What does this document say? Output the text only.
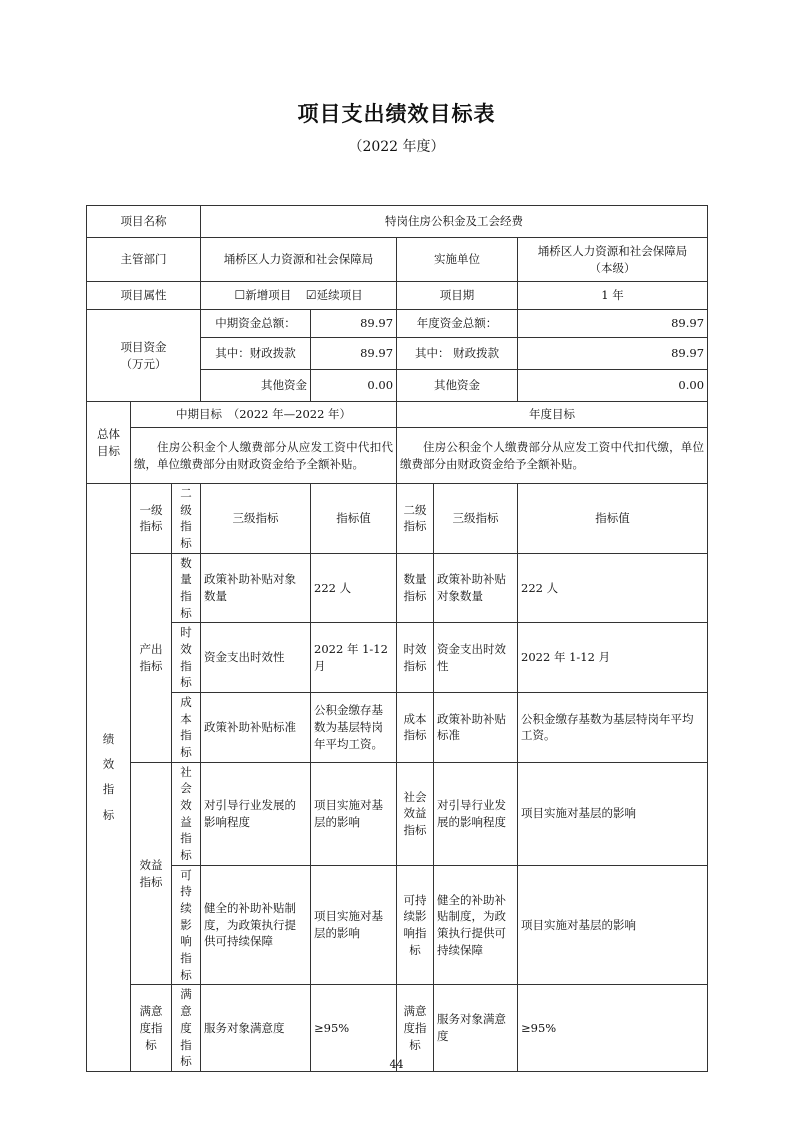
项目支出绩效目标表
（2022 年度）
项目名称			特岗住房公积金及工会经费				
主管部门			埇桥区人力资源和社会保障局		实施单位		埇桥区人力资源和社会保障局
（本级）

项目属性			☐新增项目 ☑延续项目		项目期		1 年

项目资金
（万元）			中期资金总额：	89.97	年度资金总额：		89.97
			其中：财政拨款	89.97	其中： 财政拨款		89.97
			其他资金	0.00	其他资金		0.00

总体
目标	中期目标　（2022 年—2022 年）				年度目标		
	住房公积金个人缴费部分从应发工资中代扣代缴，单位缴费部分由财政资金给予全额补贴。				住房公积金个人缴费部分从应发工资中代扣代缴，单位缴费部分由财政资金给予全额补贴。		

绩
效
指
标	一级指标	二级指标	三级指标	指标值	二级指标	三级指标	指标值
	产出指标	数量指标	政策补助补贴对象数量	222 人	数量指标	政策补助补贴对象数量	222 人
		时效指标	资金支出时效性	2022 年 1-12 月	时效指标	资金支出时效性	2022 年 1-12 月
		成本指标	政策补助补贴标准	公积金缴存基数为基层特岗年平均工资。	成本指标	政策补助补贴标准	公积金缴存基数为基层特岗年平均工资。
	效益指标	社会效益指标	对引导行业发展的影响程度	项目实施对基层的影响	社会效益指标	对引导行业发展的影响程度	项目实施对基层的影响
		可持续影响指标	健全的补助补贴制度，为政策执行提供可持续保障	项目实施对基层的影响	可持续影响指标	健全的补助补贴制度，为政策执行提供可持续保障	项目实施对基层的影响
	满意度指标	满意度指标	服务对象满意度	≥95%	满意度指标	服务对象满意度	≥95%
44
